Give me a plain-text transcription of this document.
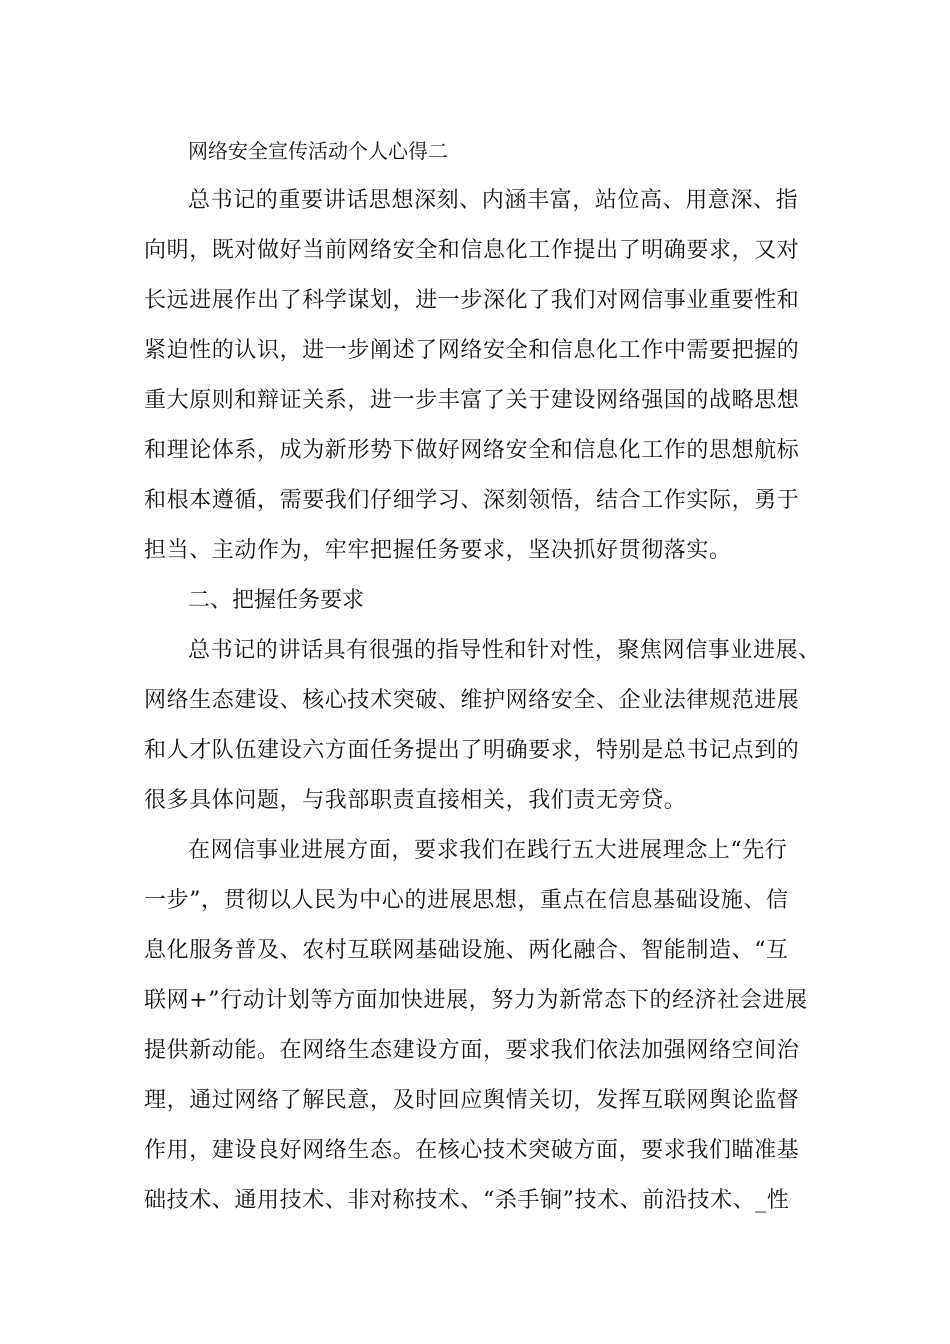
网络安全宣传活动个人心得二
总书记的重要讲话思想深刻、内涵丰富，站位高、用意深、指
向明，既对做好当前网络安全和信息化工作提出了明确要求，又对
长远进展作出了科学谋划，进一步深化了我们对网信事业重要性和
紧迫性的认识，进一步阐述了网络安全和信息化工作中需要把握的
重大原则和辩证关系，进一步丰富了关于建设网络强国的战略思想
和理论体系，成为新形势下做好网络安全和信息化工作的思想航标
和根本遵循，需要我们仔细学习、深刻领悟，结合工作实际，勇于
担当、主动作为，牢牢把握任务要求，坚决抓好贯彻落实。
二、把握任务要求
总书记的讲话具有很强的指导性和针对性，聚焦网信事业进展、
网络生态建设、核心技术突破、维护网络安全、企业法律规范进展
和人才队伍建设六方面任务提出了明确要求，特别是总书记点到的
很多具体问题，与我部职责直接相关，我们责无旁贷。
在网信事业进展方面，要求我们在践行五大进展理念上“先行
一步”，贯彻以人民为中心的进展思想，重点在信息基础设施、信
息化服务普及、农村互联网基础设施、两化融合、智能制造、“互
联网+”行动计划等方面加快进展，努力为新常态下的经济社会进展
提供新动能。在网络生态建设方面，要求我们依法加强网络空间治
理，通过网络了解民意，及时回应舆情关切，发挥互联网舆论监督
作用，建设良好网络生态。在核心技术突破方面，要求我们瞄准基
础技术、通用技术、非对称技术、“杀手锏”技术、前沿技术、_性
